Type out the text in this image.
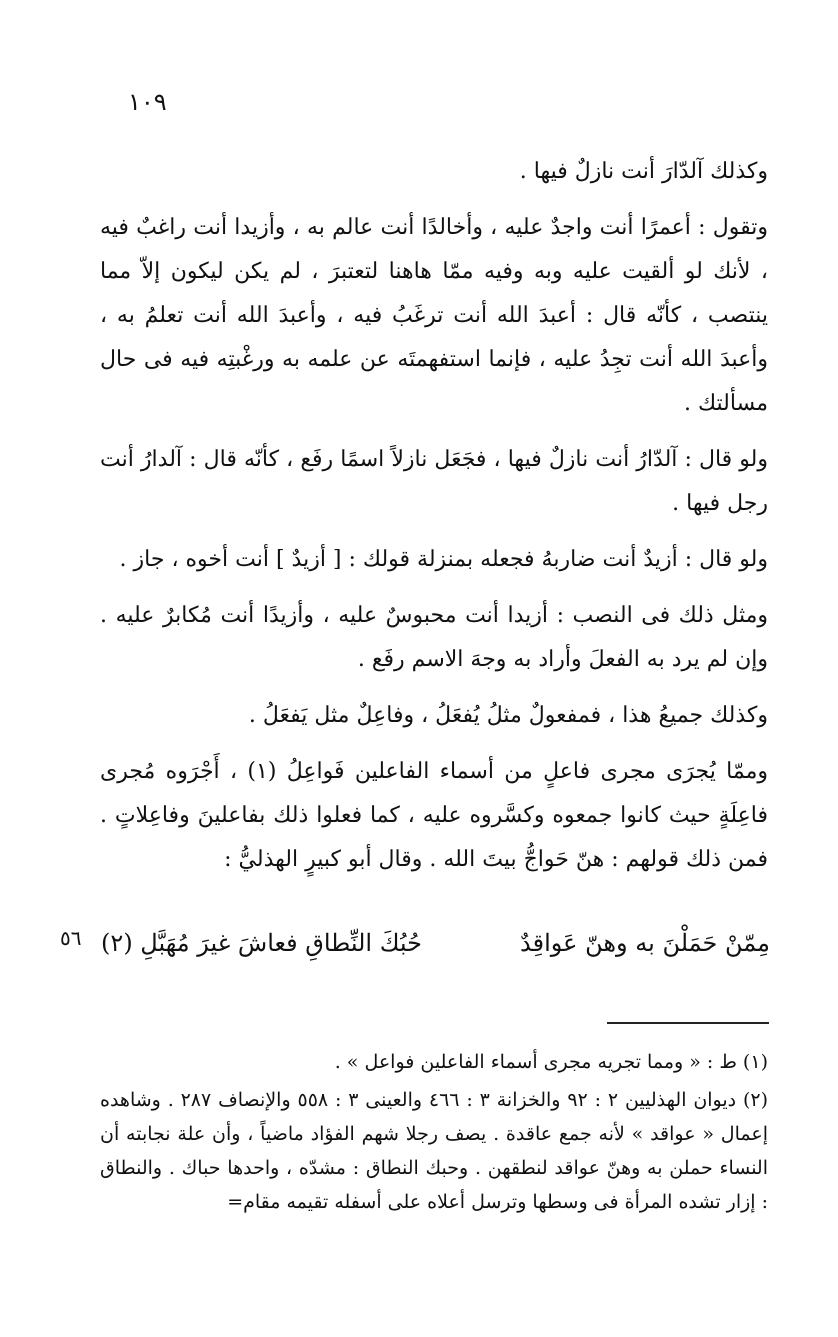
١٠٩

وكذلك آلدّارَ أنت نازلٌ فيها .

وتقول : أعمرًا أنت واجدٌ عليه ، وأخالدًا أنت عالم به ، وأزيدا أنت راغبٌ فيه ، لأنك لو ألقيت عليه وبه وفيه ممّا هاهنا لتعتبرَ ، لم يكن ليكون إلاّ مما ينتصب ، كأنّه قال : أعبدَ الله أنت ترغَبُ فيه ، وأعبدَ الله أنت تعلمُ به ، وأعبدَ الله أنت تجِدُ عليه ، فإنما استفهمتَه عن علمه به ورغْبتِه فيه فى حال مسألتك .

ولو قال : آلدّارُ أنت نازلٌ فيها ، فجَعَل نازلاً اسمًا رفَع ، كأنّه قال : آلدارُ أنت رجل فيها .

ولو قال : أزيدٌ أنت ضاربهُ فجعله بمنزلة قولك : [ أزيدٌ ] أنت أخوه ، جاز .

ومثل ذلك فى النصب : أزيدا أنت محبوسٌ عليه ، وأزيدًا أنت مُكابرٌ عليه . وإن لم يرد به الفعلَ وأراد به وجهَ الاسم رفَع .

وكذلك جميعُ هذا ، فمفعولٌ مثلُ يُفعَلُ ، وفاعِلٌ مثل يَفعَلُ .

وممّا يُجرَى مجرى فاعلٍ من أسماء الفاعلين فَواعِلُ (١) ، أَجْرَوه مُجرى فاعِلَةٍ حيث كانوا جمعوه وكسَّروه عليه ، كما فعلوا ذلك بفاعلينَ وفاعِلاتٍ . فمن ذلك قولهم : هنّ حَواجُّ بيتَ الله . وقال أبو كبيرٍ الهذليُّ :

مِمّنْ حَمَلْنَ به وهنّ عَواقِدٌ
حُبُكَ النِّطاقِ فعاشَ غيرَ مُهَبَّلِ (٢)
٥٦

(١) ط : « ومما تجريه مجرى أسماء الفاعلين فواعل » .

(٢) ديوان الهذليين ٢ : ٩٢ والخزانة ٣ : ٤٦٦ والعينى ٣ : ٥٥٨ والإنصاف ٢٨٧ . وشاهده إعمال « عواقد » لأنه جمع عاقدة . يصف رجلا شهم الفؤاد ماضياً ، وأن علة نجابته أن النساء حملن به وهنّ عواقد لنطقهن . وحبك النطاق : مشدّه ، واحدها حباك . والنطاق : إزار تشده المرأة فى وسطها وترسل أعلاه على أسفله تقيمه مقام=
